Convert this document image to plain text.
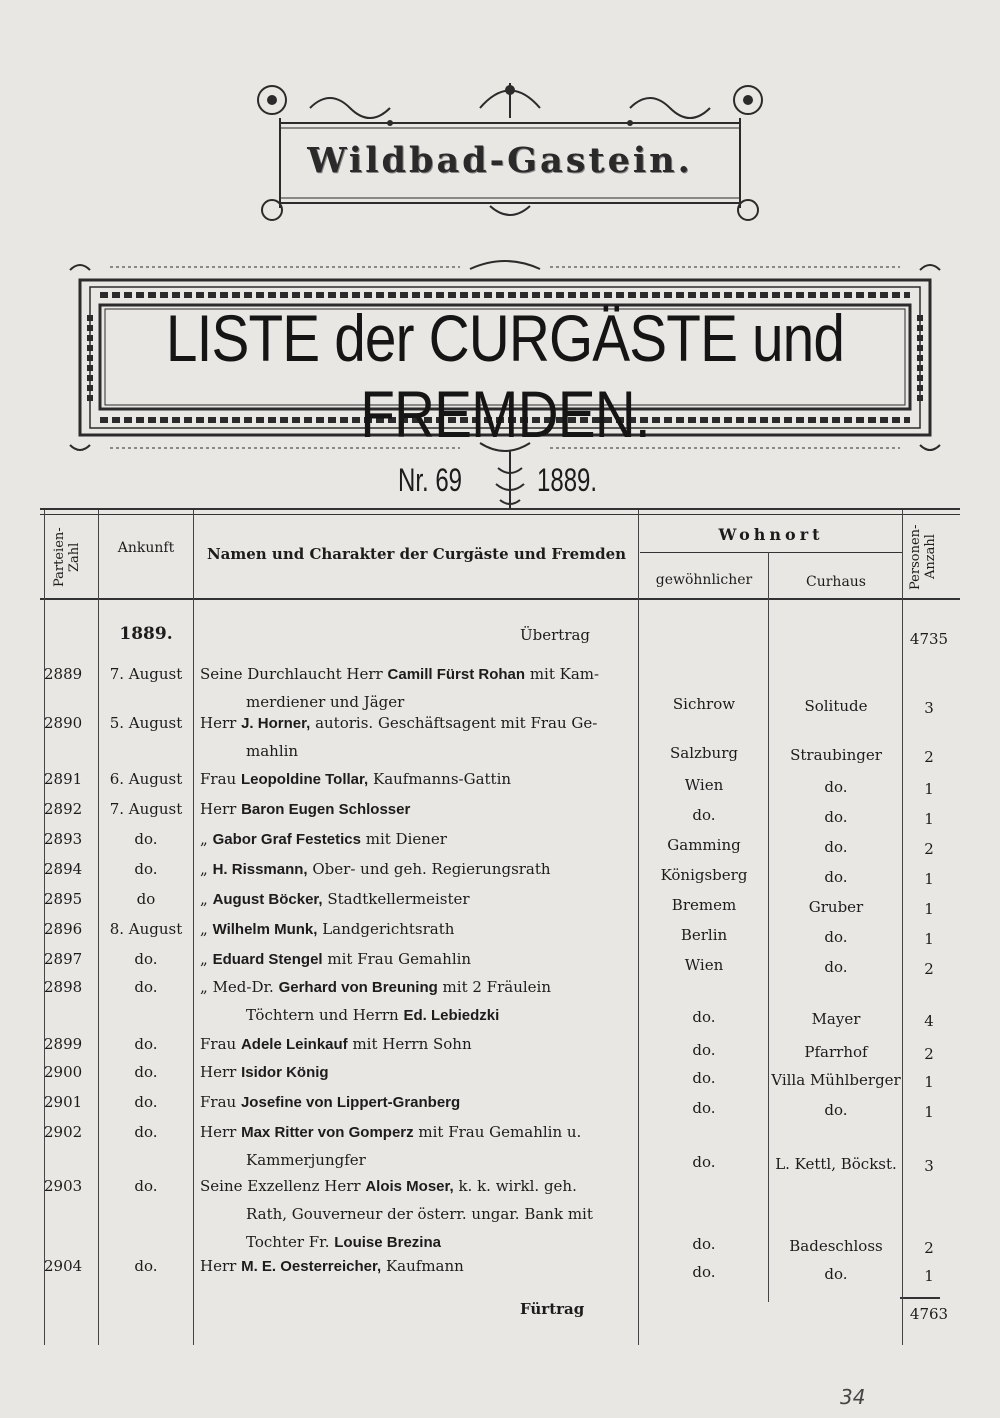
Wildbad-Gastein.
LISTE der CURGÄSTE und FREMDEN.
Nr. 69 1889.
Parteien-Zahl	Ankunft	Namen und Charakter der Curgäste und Fremden
Wohnort
gewöhnlicher	Curhaus	Personen-Anzahl
1889.	Übertrag	4735
2889	7. August	Seine Durchlaucht Herr Camill Fürst Rohan mit Kam-
merdiener und Jäger	Sichrow	Solitude	3
2890	5. August	Herr J. Horner, autoris. Geschäftsagent mit Frau Ge-
mahlin	Salzburg	Straubinger	2
2891	6. August	Frau Leopoldine Tollar, Kaufmanns-Gattin	Wien	do.	1
2892	7. August	Herr Baron Eugen Schlosser	do.	do.	1
2893	do.	„ Gabor Graf Festetics mit Diener	Gamming	do.	2
2894	do.	„ H. Rissmann, Ober- und geh. Regierungsrath	Königsberg	do.	1
2895	do	„ August Böcker, Stadtkellermeister	Bremem	Gruber	1
2896	8. August	„ Wilhelm Munk, Landgerichtsrath	Berlin	do.	1
2897	do.	„ Eduard Stengel mit Frau Gemahlin	Wien	do.	2
2898	do.	„ Med-Dr. Gerhard von Breuning mit 2 Fräulein
Töchtern und Herrn Ed. Lebiedzki	do.	Mayer	4
2899	do.	Frau Adele Leinkauf mit Herrn Sohn	do.	Pfarrhof	2
2900	do.	Herr Isidor König	do.	Villa Mühlberger	1
2901	do.	Frau Josefine von Lippert-Granberg	do.	do.	1
2902	do.	Herr Max Ritter von Gomperz mit Frau Gemahlin u.
Kammerjungfer	do.	L. Kettl, Böckst.	3
2903	do.	Seine Exzellenz Herr Alois Moser, k. k. wirkl. geh.
Rath, Gouverneur der österr. ungar. Bank mit
Tochter Fr. Louise Brezina	do.	Badeschloss	2
2904	do.	Herr M. E. Oesterreicher, Kaufmann	do.	do.	1
Fürtrag	4763
34
